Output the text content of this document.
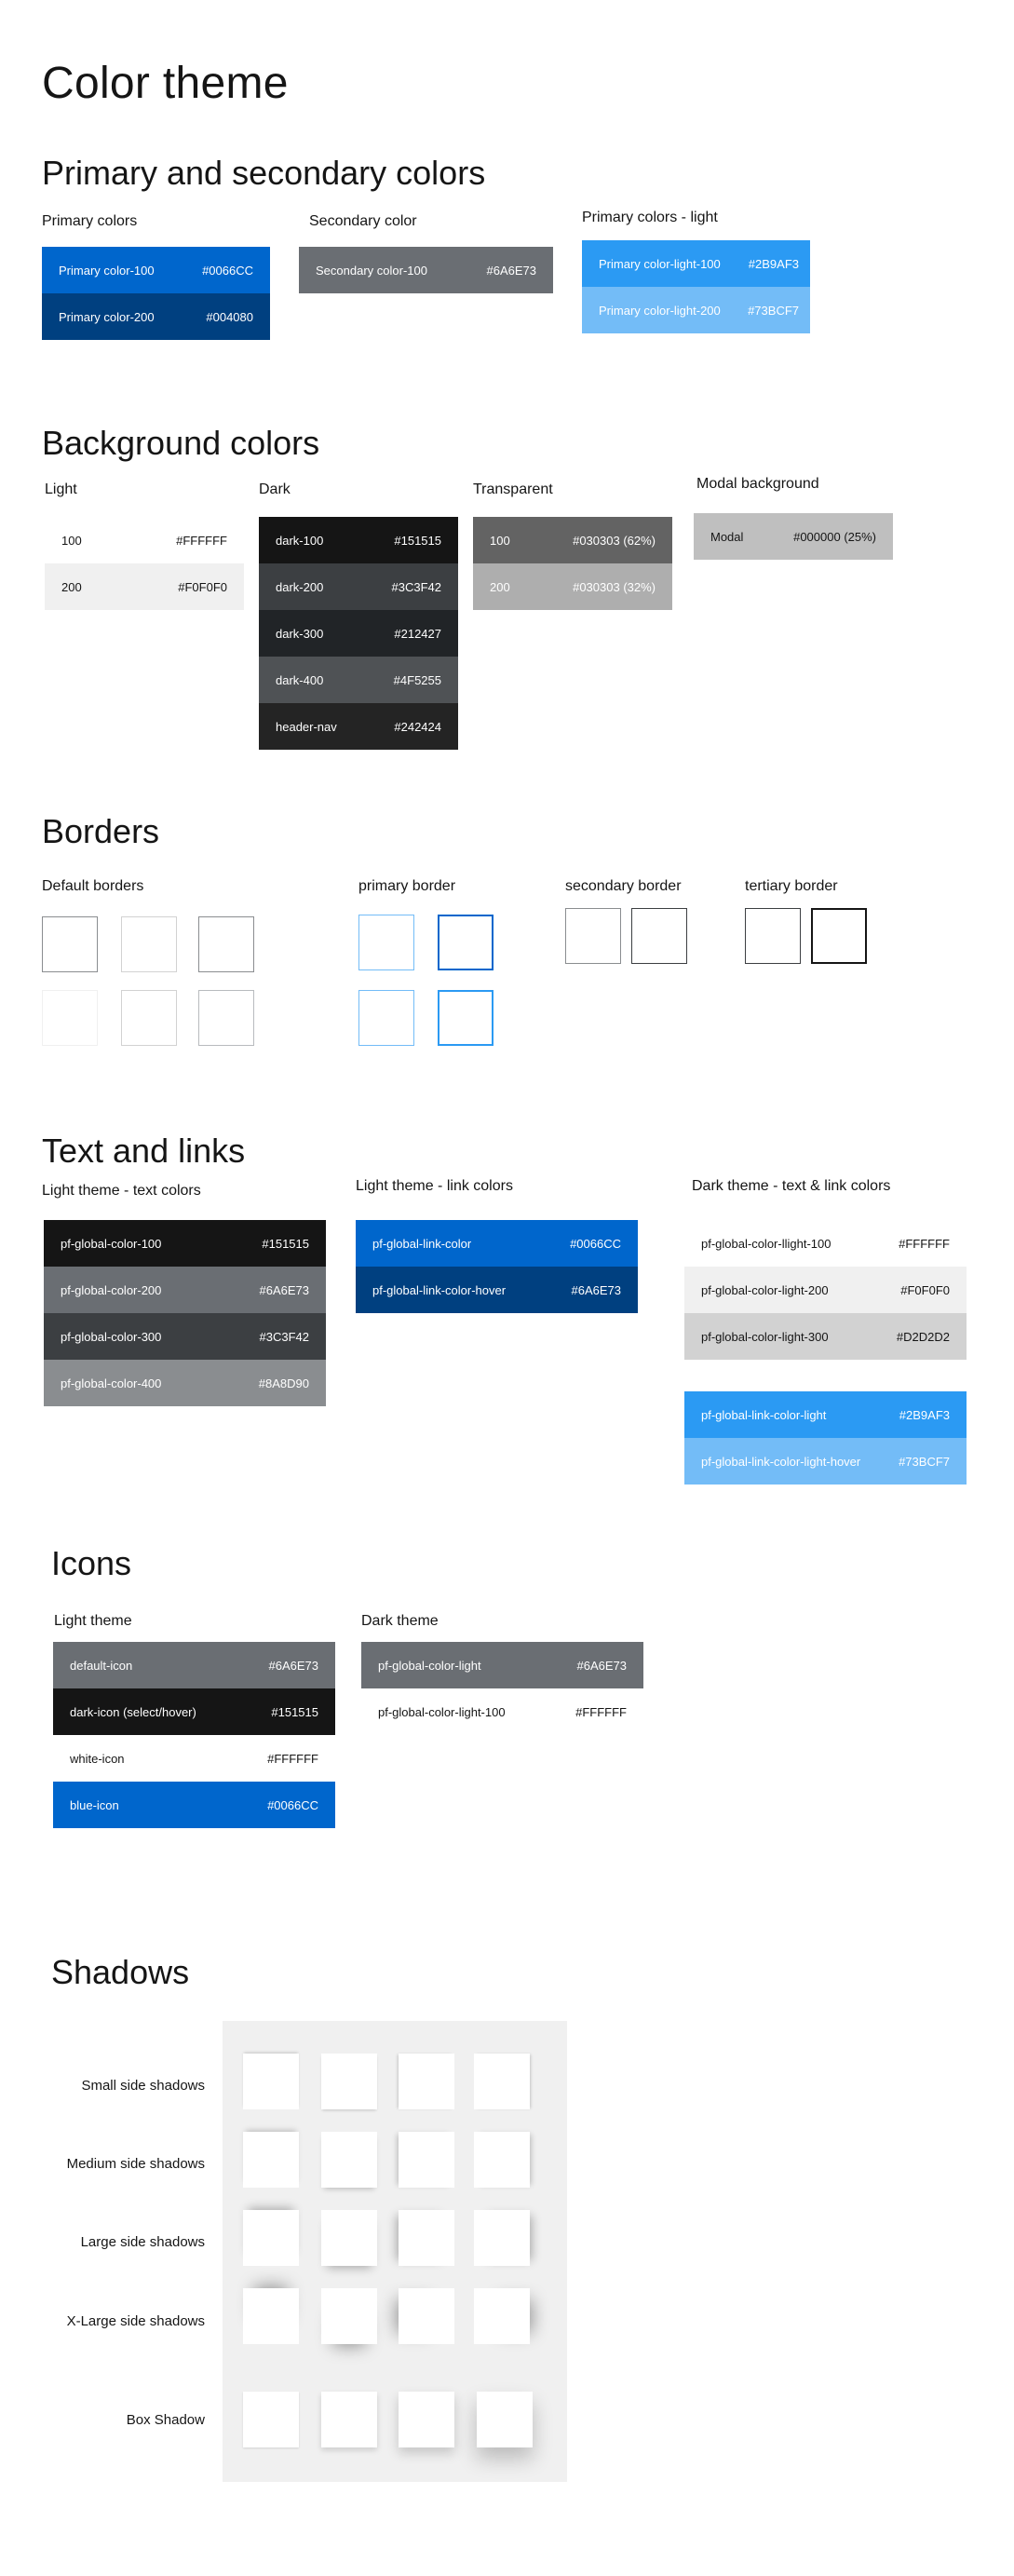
Color theme
Primary and secondary colors
Primary colors
Primary color-100	#0066CC
Primary color-200	#004080
Secondary color
Secondary color-100	#6A6E73
Primary colors - light
Primary color-light-100 #2B9AF3
Primary color-light-200 #73BCF7
Background colors
Light
100	#FFFFFF
200	#F0F0F0
Dark
dark-100	#151515
dark-200	#3C3F42
dark-300	#212427
dark-400	#4F5255
header-nav	#242424
Transparent
100	#030303 (62%)
200	#030303 (32%)
Modal background
Modal	#000000 (25%)
Borders
Default borders	primary border	secondary border	tertiary border
Text and links
Light theme - text colors
pf-global-color-100	#151515
pf-global-color-200	#6A6E73
pf-global-color-300	#3C3F42
pf-global-color-400	#8A8D90
Light theme - link colors
pf-global-link-color	#0066CC
pf-global-link-color-hover	#6A6E73
Dark theme - text & link colors
pf-global-color-llight-100	#FFFFFF
pf-global-color-light-200	#F0F0F0
pf-global-color-light-300	#D2D2D2
pf-global-link-color-light	#2B9AF3
pf-global-link-color-light-hover	#73BCF7
Icons
Light theme
default-icon	#6A6E73
dark-icon (select/hover)	#151515
white-icon	#FFFFFF
blue-icon	#0066CC
Dark theme
pf-global-color-light	#6A6E73
pf-global-color-light-100	#FFFFFF
Shadows
Small side shadows
Medium side shadows
Large side shadows
X-Large side shadows
Box Shadow
